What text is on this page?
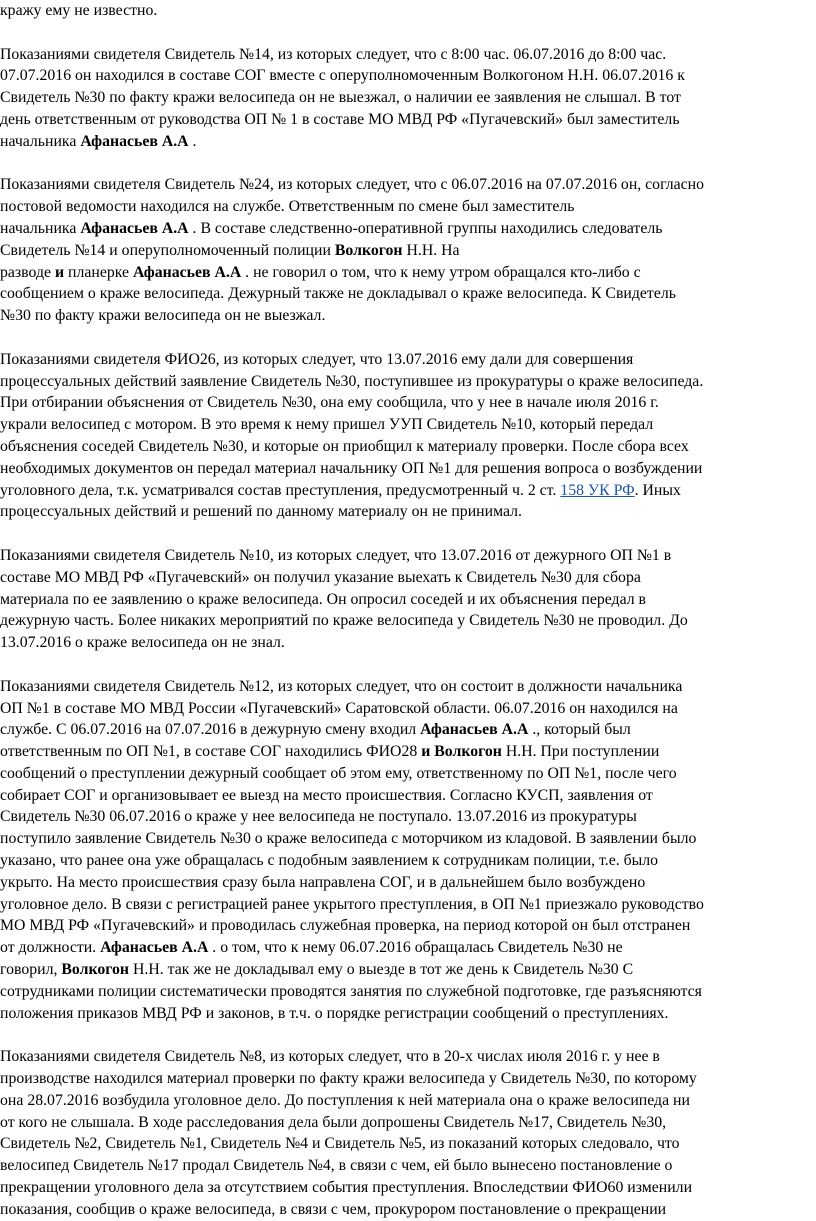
кражу ему не известно.
Показаниями свидетеля Свидетель №14, из которых следует, что с 8:00 час. 06.07.2016 до 8:00 час.
07.07.2016 он находился в составе СОГ вместе с оперуполномоченным Волкогоном Н.Н. 06.07.2016 к
Свидетель №30 по факту кражи велосипеда он не выезжал, о наличии ее заявления не слышал. В тот
день ответственным от руководства ОП № 1 в составе МО МВД РФ «Пугачевский» был заместитель
начальника Афанасьев А.А .
Показаниями свидетеля Свидетель №24, из которых следует, что с 06.07.2016 на 07.07.2016 он, согласно
постовой ведомости находился на службе. Ответственным по смене был заместитель
начальника Афанасьев А.А . В составе следственно-оперативной группы находились следователь
Свидетель №14 и оперуполномоченный полиции Волкогон Н.Н. На
разводе и планерке Афанасьев А.А . не говорил о том, что к нему утром обращался кто-либо с
сообщением о краже велосипеда. Дежурный также не докладывал о краже велосипеда. К Свидетель
№30 по факту кражи велосипеда он не выезжал.
Показаниями свидетеля ФИО26, из которых следует, что 13.07.2016 ему дали для совершения
процессуальных действий заявление Свидетель №30, поступившее из прокуратуры о краже велосипеда.
При отбирании объяснения от Свидетель №30, она ему сообщила, что у нее в начале июля 2016 г.
украли велосипед с мотором. В это время к нему пришел УУП Свидетель №10, который передал
объяснения соседей Свидетель №30, и которые он приобщил к материалу проверки. После сбора всех
необходимых документов он передал материал начальнику ОП №1 для решения вопроса о возбуждении
уголовного дела, т.к. усматривался состав преступления, предусмотренный ч. 2 ст. 158 УК РФ. Иных
процессуальных действий и решений по данному материалу он не принимал.
Показаниями свидетеля Свидетель №10, из которых следует, что 13.07.2016 от дежурного ОП №1 в
составе МО МВД РФ «Пугачевский» он получил указание выехать к Свидетель №30 для сбора
материала по ее заявлению о краже велосипеда. Он опросил соседей и их объяснения передал в
дежурную часть. Более никаких мероприятий по краже велосипеда у Свидетель №30 не проводил. До
13.07.2016 о краже велосипеда он не знал.
Показаниями свидетеля Свидетель №12, из которых следует, что он состоит в должности начальника
ОП №1 в составе МО МВД России «Пугачевский» Саратовской области. 06.07.2016 он находился на
службе. С 06.07.2016 на 07.07.2016 в дежурную смену входил Афанасьев А.А ., который был
ответственным по ОП №1, в составе СОГ находились ФИО28 и Волкогон Н.Н. При поступлении
сообщений о преступлении дежурный сообщает об этом ему, ответственному по ОП №1, после чего
собирает СОГ и организовывает ее выезд на место происшествия. Согласно КУСП, заявления от
Свидетель №30 06.07.2016 о краже у нее велосипеда не поступало. 13.07.2016 из прокуратуры
поступило заявление Свидетель №30 о краже велосипеда с моторчиком из кладовой. В заявлении было
указано, что ранее она уже обращалась с подобным заявлением к сотрудникам полиции, т.е. было
укрыто. На место происшествия сразу была направлена СОГ, и в дальнейшем было возбуждено
уголовное дело. В связи с регистрацией ранее укрытого преступления, в ОП №1 приезжало руководство
МО МВД РФ «Пугачевский» и проводилась служебная проверка, на период которой он был отстранен
от должности. Афанасьев А.А . о том, что к нему 06.07.2016 обращалась Свидетель №30 не
говорил, Волкогон Н.Н. так же не докладывал ему о выезде в тот же день к Свидетель №30 С
сотрудниками полиции систематически проводятся занятия по служебной подготовке, где разъясняются
положения приказов МВД РФ и законов, в т.ч. о порядке регистрации сообщений о преступлениях.
Показаниями свидетеля Свидетель №8, из которых следует, что в 20-х числах июля 2016 г. у нее в
производстве находился материал проверки по факту кражи велосипеда у Свидетель №30, по которому
она 28.07.2016 возбудила уголовное дело. До поступления к ней материала она о краже велосипеда ни
от кого не слышала. В ходе расследования дела были допрошены Свидетель №17, Свидетель №30,
Свидетель №2, Свидетель №1, Свидетель №4 и Свидетель №5, из показаний которых следовало, что
велосипед Свидетель №17 продал Свидетель №4, в связи с чем, ей было вынесено постановление о
прекращении уголовного дела за отсутствием события преступления. Впоследствии ФИО60 изменили
показания, сообщив о краже велосипеда, в связи с чем, прокурором постановление о прекращении
